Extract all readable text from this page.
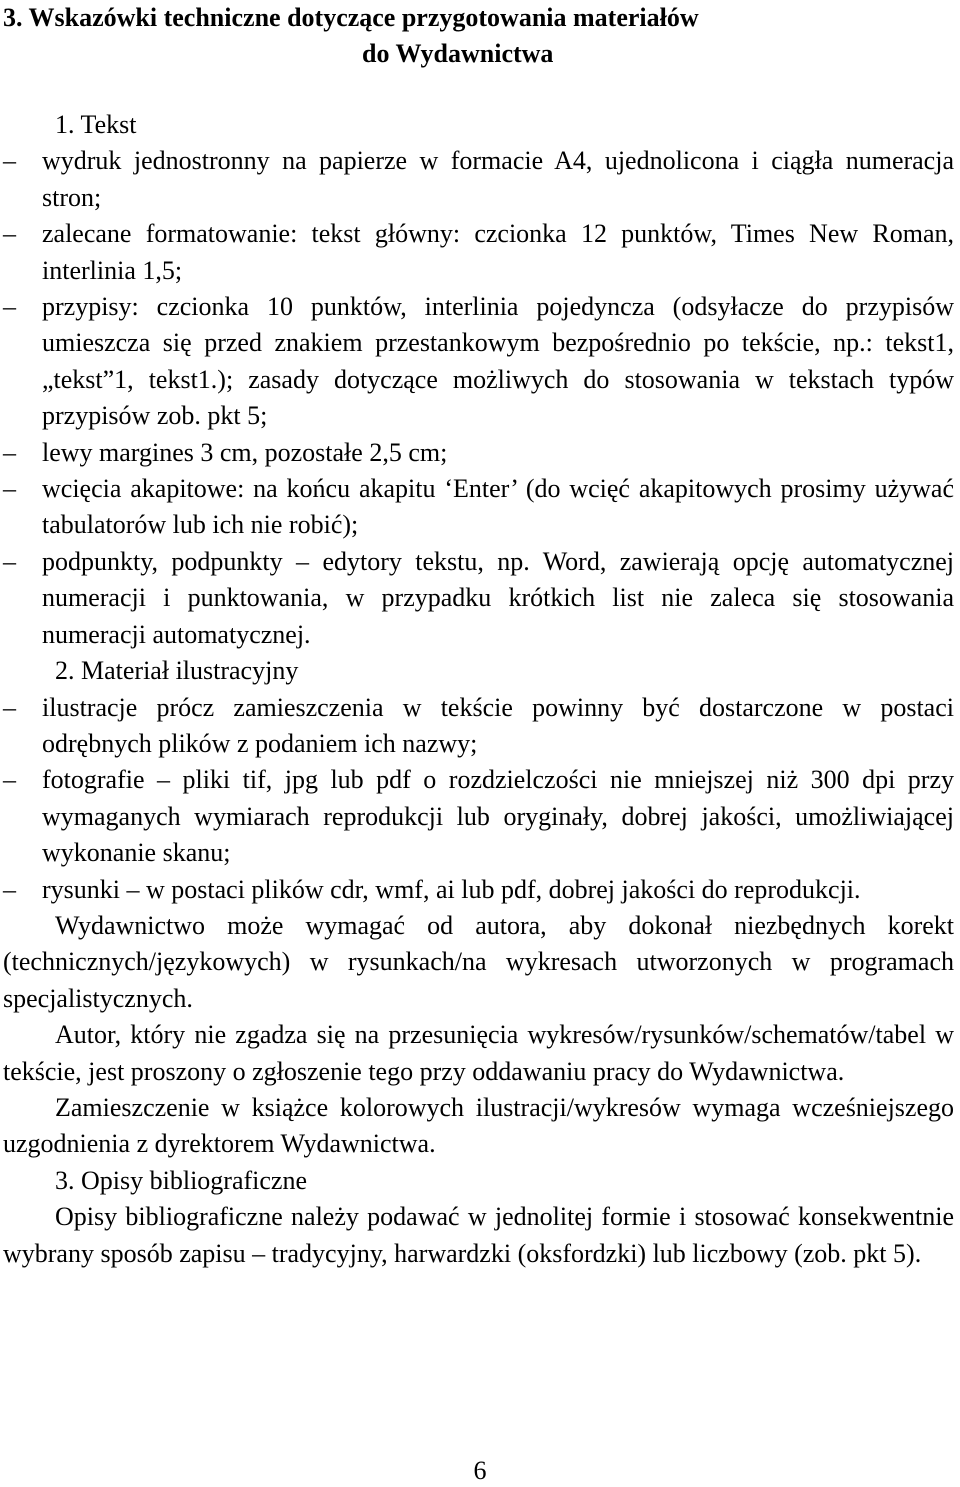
3. Wskazówki techniczne dotyczące przygotowania materiałów
do Wydawnictwa

1. Tekst

– wydruk jednostronny na papierze w formacie A4, ujednolicona i ciągła numeracja stron;
– zalecane formatowanie: tekst główny: czcionka 12 punktów, Times New Roman, interlinia 1,5;
– przypisy: czcionka 10 punktów, interlinia pojedyncza (odsyłacze do przypisów umieszcza się przed znakiem przestankowym bezpośrednio po tekście, np.: tekst1, „tekst”1, tekst1.); zasady dotyczące możliwych do stosowania w tekstach typów przypisów zob. pkt 5;
– lewy margines 3 cm, pozostałe 2,5 cm;
– wcięcia akapitowe: na końcu akapitu ‘Enter’ (do wcięć akapitowych prosimy używać tabulatorów lub ich nie robić);
– podpunkty, podpunkty – edytory tekstu, np. Word, zawierają opcję automatycznej numeracji i punktowania, w przypadku krótkich list nie zaleca się stosowania numeracji automatycznej.

2. Materiał ilustracyjny

– ilustracje prócz zamieszczenia w tekście powinny być dostarczone w postaci odrębnych plików z podaniem ich nazwy;
– fotografie – pliki tif, jpg lub pdf o rozdzielczości nie mniejszej niż 300 dpi przy wymaganych wymiarach reprodukcji lub oryginały, dobrej jakości, umożliwiającej wykonanie skanu;
– rysunki – w postaci plików cdr, wmf, ai lub pdf, dobrej jakości do reprodukcji.

Wydawnictwo może wymagać od autora, aby dokonał niezbędnych korekt (technicznych/językowych) w rysunkach/na wykresach utworzonych w programach specjalistycznych.

Autor, który nie zgadza się na przesunięcia wykresów/rysunków/schematów/tabel w tekście, jest proszony o zgłoszenie tego przy oddawaniu pracy do Wydawnictwa.

Zamieszczenie w książce kolorowych ilustracji/wykresów wymaga wcześniejszego uzgodnienia z dyrektorem Wydawnictwa.

3. Opisy bibliograficzne

Opisy bibliograficzne należy podawać w jednolitej formie i stosować konsekwentnie wybrany sposób zapisu – tradycyjny, harwardzki (oksfordzki) lub liczbowy (zob. pkt 5).

6
